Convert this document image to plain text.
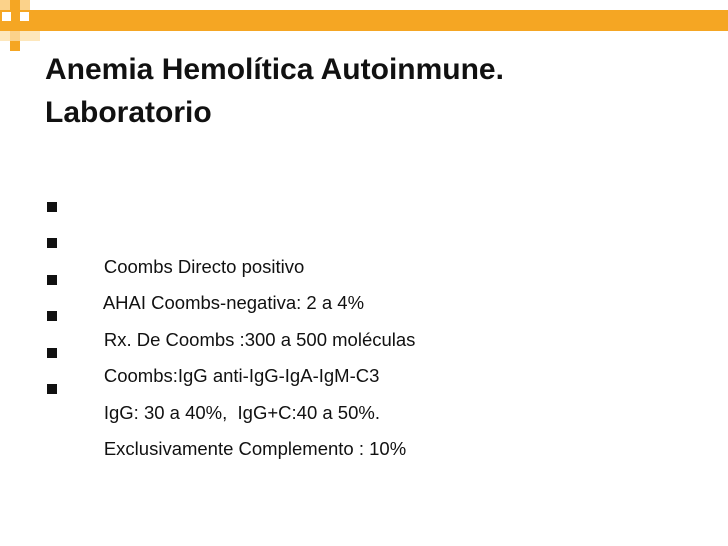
Anemia Hemolítica Autoinmune.
Laboratorio

Coombs Directo positivo

AHAI Coombs-negativa: 2 a 4%

Rx. De Coombs :300 a 500 moléculas

Coombs:IgG anti-IgG-IgA-IgM-C3

IgG: 30 a 40%,  IgG+C:40 a 50%.

Exclusivamente Complemento : 10%
